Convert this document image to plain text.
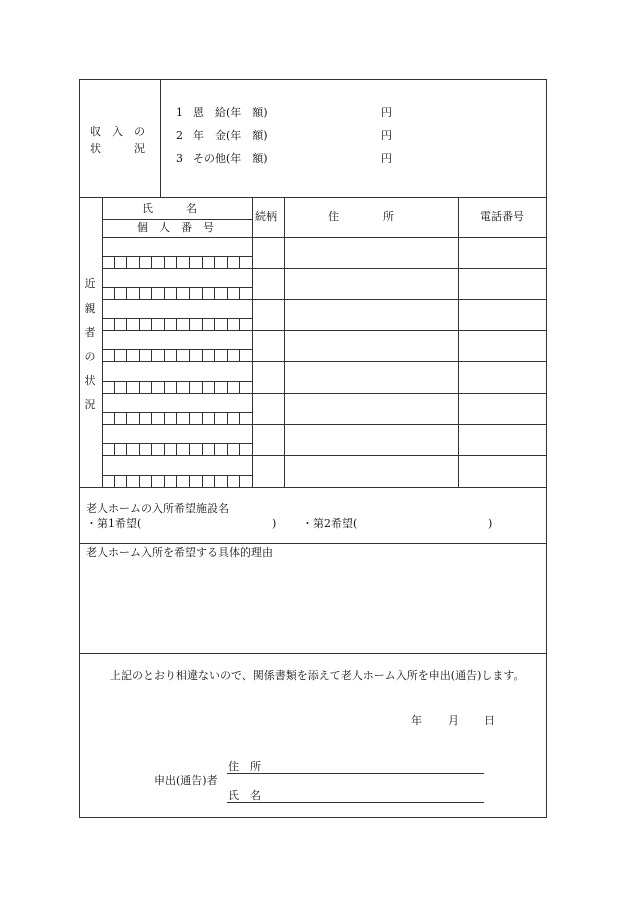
収　入　の
状　　　況
1 恩　給(年　額)	円
2 年　金(年　額)	円
3 その他(年　額)	円
氏　　　名
個　人　番　号
続柄	住　　　　所	電話番号
近
親
者
の
状
況
老人ホームの入所希望施設名
・第1希望(	) ・第2希望(	)
老人ホーム入所を希望する具体的理由
上記のとおり相違ないので、関係書類を添えて老人ホーム入所を申出(通告)します。
年 月 日
住　所
申出(通告)者
氏　名
